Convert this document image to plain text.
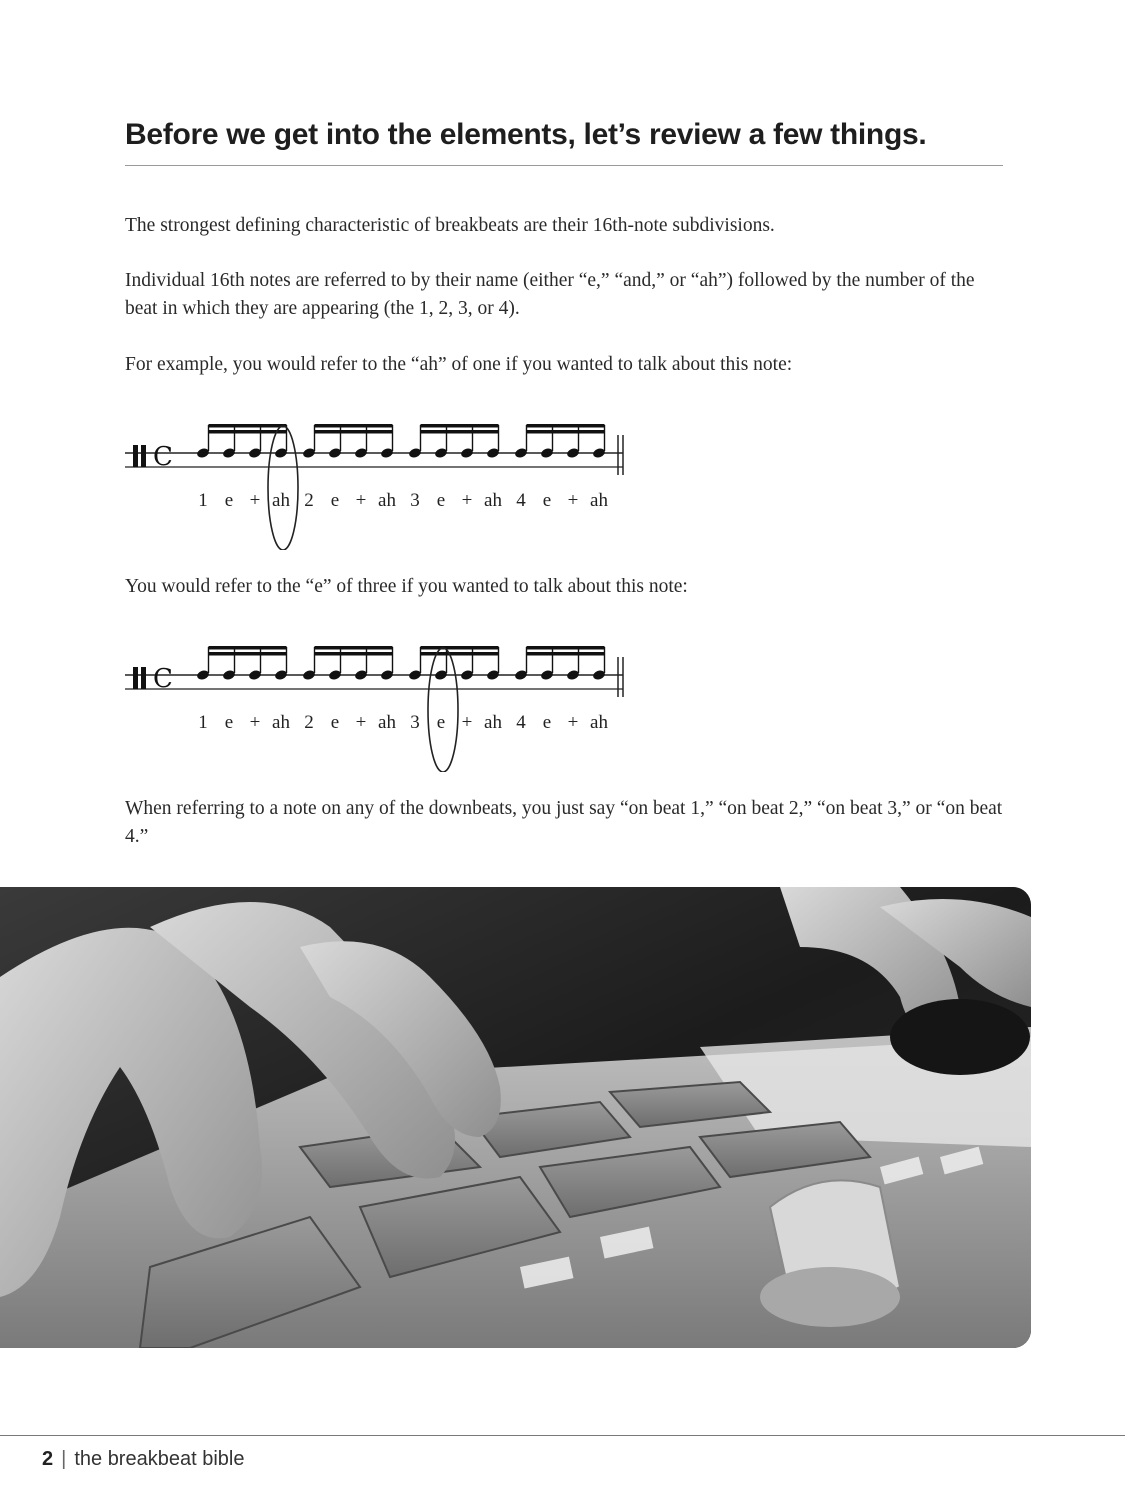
Before we get into the elements, let’s review a few things.

The strongest defining characteristic of breakbeats are their 16th-note subdivisions.

Individual 16th notes are referred to by their name (either “e,” “and,” or “ah”) followed by the number of the beat in which they are appearing (the 1, 2, 3, or 4).

For example, you would refer to the “ah” of one if you wanted to talk about this note:

C
1 e + ah 2 e + ah 3 e + ah 4 e + ah

You would refer to the “e” of three if you wanted to talk about this note:

C
1 e + ah 2 e + ah 3 e + ah 4 e + ah

When referring to a note on any of the downbeats, you just say “on beat 1,” “on beat 2,” “on beat 3,” or “on beat 4.”

2 | the breakbeat bible
